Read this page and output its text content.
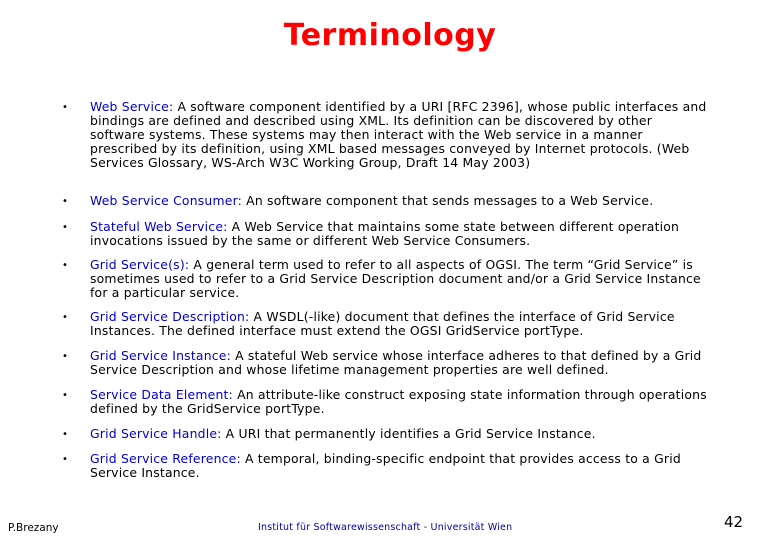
Terminology
• Web Service: A software component identified by a URI [RFC 2396], whose public interfaces and bindings are defined and described using XML. Its definition can be discovered by other software systems. These systems may then interact with the Web service in a manner prescribed by its definition, using XML based messages conveyed by Internet protocols. (Web Services Glossary, WS-Arch W3C Working Group, Draft 14 May 2003)
• Web Service Consumer: An software component that sends messages to a Web Service.
• Stateful Web Service: A Web Service that maintains some state between different operation invocations issued by the same or different Web Service Consumers.
• Grid Service(s): A general term used to refer to all aspects of OGSI. The term “Grid Service” is sometimes used to refer to a Grid Service Description document and/or a Grid Service Instance for a particular service.
• Grid Service Description: A WSDL(-like) document that defines the interface of Grid Service Instances. The defined interface must extend the OGSI GridService portType.
• Grid Service Instance: A stateful Web service whose interface adheres to that defined by a Grid Service Description and whose lifetime management properties are well defined.
• Service Data Element: An attribute-like construct exposing state information through operations defined by the GridService portType.
• Grid Service Handle: A URI that permanently identifies a Grid Service Instance.
• Grid Service Reference: A temporal, binding-specific endpoint that provides access to a Grid Service Instance.
P.Brezany	Institut für Softwarewissenschaft - Universität Wien	42
